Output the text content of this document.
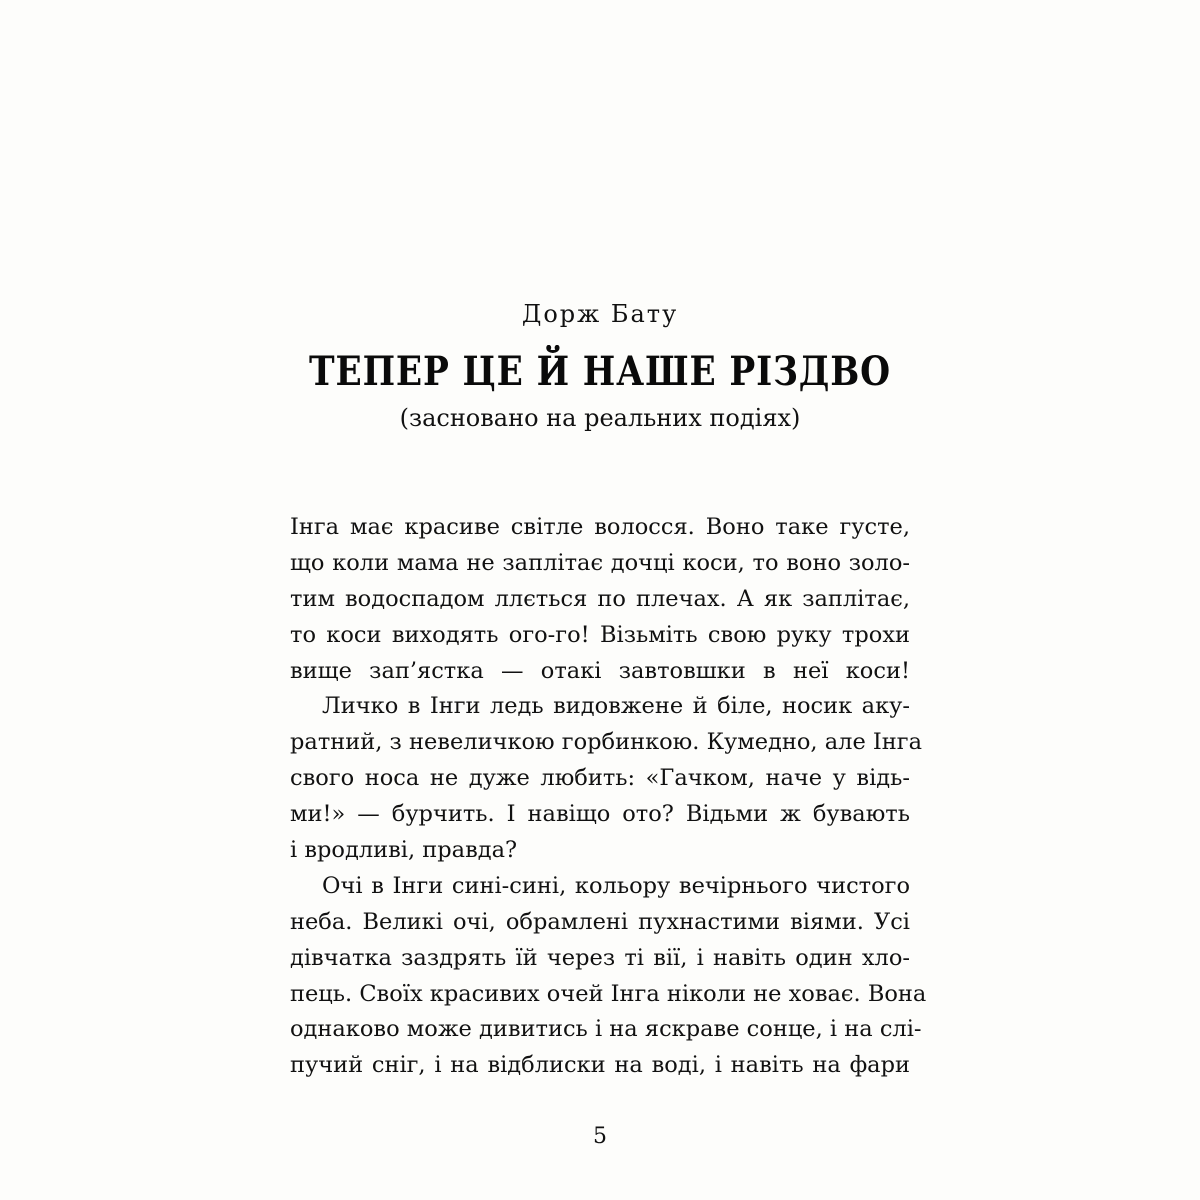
Дорж Бату
ТЕПЕР ЦЕ Й НАШЕ РІЗДВО
(засновано на реальних подіях)
Інга має красиве світле волосся. Воно таке густе,
що коли мама не заплітає дочці коси, то воно золо-
тим водоспадом ллється по плечах. А як заплітає,
то коси виходять ого-го! Візьміть свою руку трохи
вище зап’ястка — отакі завтовшки в неї коси!
Личко в Інги ледь видовжене й біле, носик аку-
ратний, з невеличкою горбинкою. Кумедно, але Інга
свого носа не дуже любить: «Гачком, наче у відь-
ми!» — бурчить. І навіщо ото? Відьми ж бувають
і вродливі, правда?
Очі в Інги сині-сині, кольору вечірнього чистого
неба. Великі очі, обрамлені пухнастими віями. Усі
дівчатка заздрять їй через ті вії, і навіть один хло-
пець. Своїх красивих очей Інга ніколи не ховає. Вона
однаково може дивитись і на яскраве сонце, і на слі-
пучий сніг, і на відблиски на воді, і навіть на фари
5
